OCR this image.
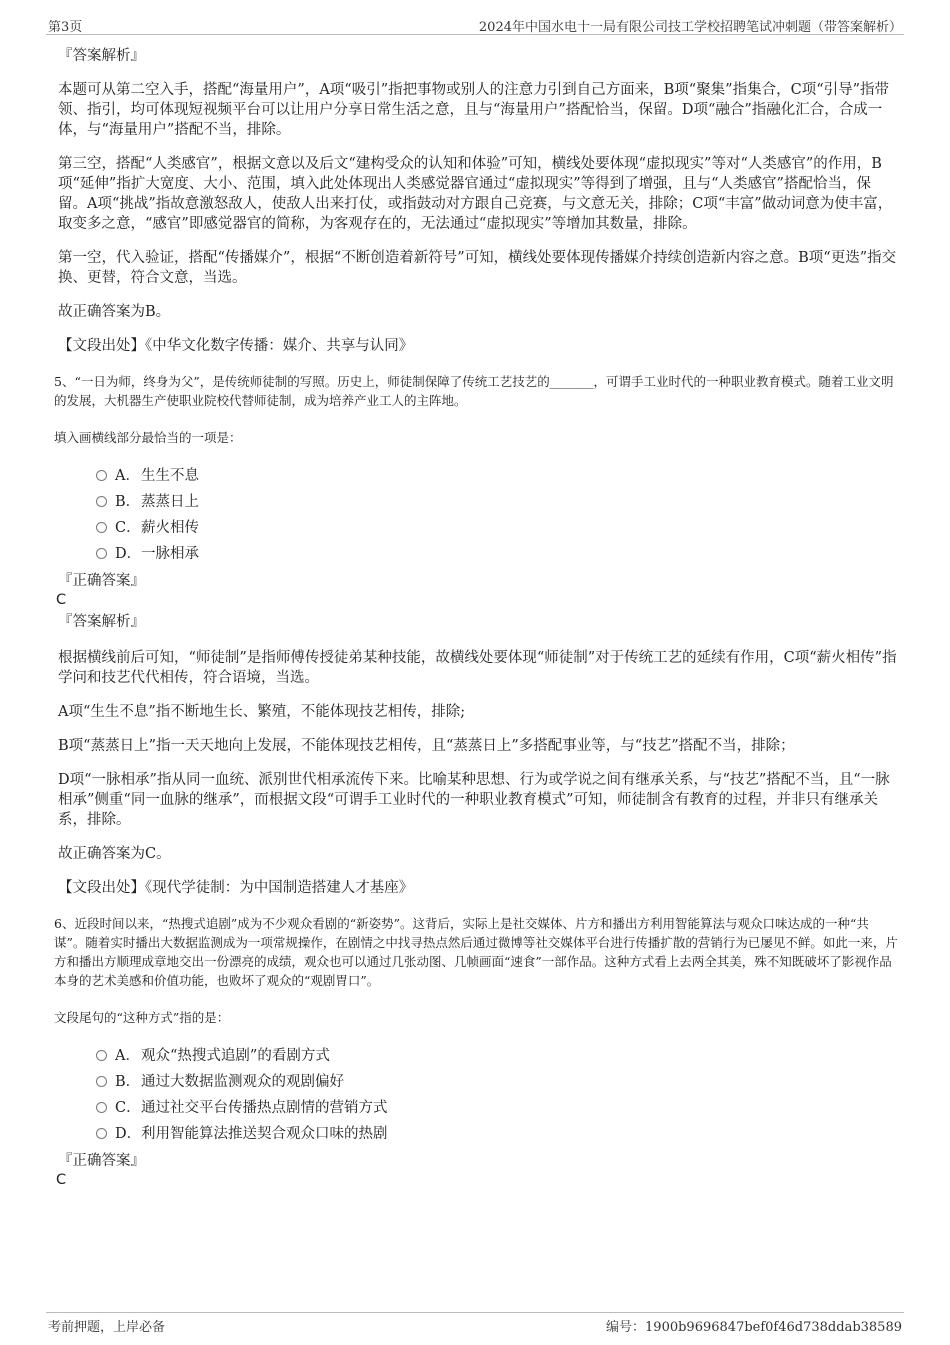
第3页	2024年中国水电十一局有限公司技工学校招聘笔试冲刺题（带答案解析）
『答案解析』

本题可从第二空入手，搭配“海量用户”，A项“吸引”指把事物或别人的注意力引到自己方面来，B项“聚集”指集合，C项“引导”指带领、指引，均可体现短视频平台可以让用户分享日常生活之意，且与“海量用户”搭配恰当，保留。D项“融合”指融化汇合，合成一体，与“海量用户”搭配不当，排除。

第三空，搭配“人类感官”，根据文意以及后文“建构受众的认知和体验”可知，横线处要体现“虚拟现实”等对“人类感官”的作用，B项“延伸”指扩大宽度、大小、范围，填入此处体现出人类感觉器官通过“虚拟现实”等得到了增强，且与“人类感官”搭配恰当，保留。A项“挑战”指故意激怒敌人，使敌人出来打仗，或指鼓动对方跟自己竞赛，与文意无关，排除；C项“丰富”做动词意为使丰富，取变多之意，“感官”即感觉器官的简称，为客观存在的，无法通过“虚拟现实”等增加其数量，排除。

第一空，代入验证，搭配“传播媒介”，根据“不断创造着新符号”可知，横线处要体现传播媒介持续创造新内容之意。B项“更迭”指交换、更替，符合文意，当选。

故正确答案为B。

【文段出处】《中华文化数字传播：媒介、共享与认同》

5、“一日为师，终身为父”，是传统师徒制的写照。历史上，师徒制保障了传统工艺技艺的_______，可谓手工业时代的一种职业教育模式。随着工业文明的发展，大机器生产使职业院校代替师徒制，成为培养产业工人的主阵地。

填入画横线部分最恰当的一项是：

A． 生生不息
B． 蒸蒸日上
C． 薪火相传
D． 一脉相承
『正确答案』
C
『答案解析』

根据横线前后可知，“师徒制”是指师傅传授徒弟某种技能，故横线处要体现“师徒制”对于传统工艺的延续有作用，C项“薪火相传”指学问和技艺代代相传，符合语境，当选。

A项“生生不息”指不断地生长、繁殖，不能体现技艺相传，排除;

B项“蒸蒸日上”指一天天地向上发展，不能体现技艺相传，且“蒸蒸日上”多搭配事业等，与“技艺”搭配不当，排除；

D项“一脉相承”指从同一血统、派别世代相承流传下来。比喻某种思想、行为或学说之间有继承关系，与“技艺”搭配不当，且“一脉相承”侧重“同一血脉的继承”，而根据文段“可谓手工业时代的一种职业教育模式”可知，师徒制含有教育的过程，并非只有继承关系，排除。

故正确答案为C。

【文段出处】《现代学徒制：为中国制造搭建人才基座》

6、近段时间以来，“热搜式追剧”成为不少观众看剧的“新姿势”。这背后，实际上是社交媒体、片方和播出方利用智能算法与观众口味达成的一种“共谋”。随着实时播出大数据监测成为一项常规操作，在剧情之中找寻热点然后通过微博等社交媒体平台进行传播扩散的营销行为已屡见不鲜。如此一来，片方和播出方顺理成章地交出一份漂亮的成绩，观众也可以通过几张动图、几帧画面“速食”一部作品。这种方式看上去两全其美，殊不知既破坏了影视作品本身的艺术美感和价值功能，也败坏了观众的“观剧胃口”。

文段尾句的“这种方式”指的是：

A． 观众“热搜式追剧”的看剧方式
B． 通过大数据监测观众的观剧偏好
C． 通过社交平台传播热点剧情的营销方式
D． 利用智能算法推送契合观众口味的热剧
『正确答案』
C
考前押题，上岸必备	编号：1900b9696847bef0f46d738ddab38589
